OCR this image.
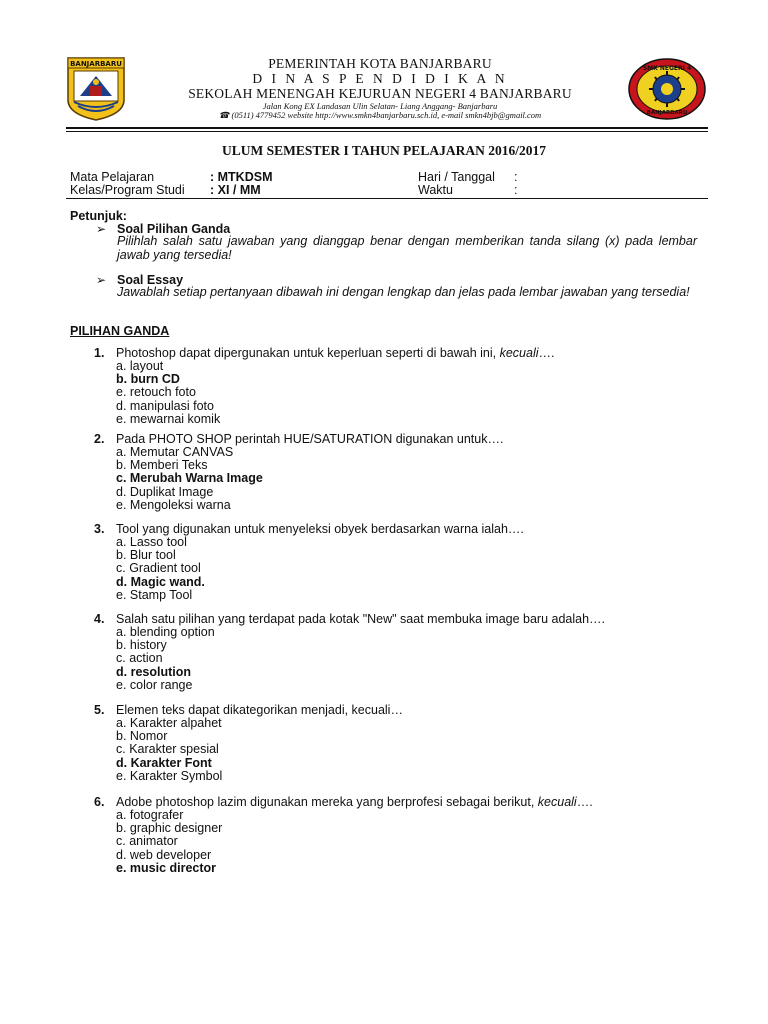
BANJARBARU
SMK NEGERI 4
BANJARBARU
PEMERINTAH KOTA BANJARBARU
D I N A S P E N D I D I K A N
SEKOLAH MENENGAH KEJURUAN NEGERI 4 BANJARBARU
Jalan Kong EX Landasan Ulin Selatan- Liang Anggang- Banjarbaru
☎ (0511) 4779452 website http://www.smkn4banjarbaru.sch.id, e-mail smkn4bjb@gmail.com
ULUM SEMESTER I TAHUN PELAJARAN 2016/2017
Mata Pelajaran	: MTKDSM
Kelas/Program Studi : XI / MM
Hari / Tanggal :
Waktu	:
Petunjuk:
➢ Soal Pilihan Ganda
Pilihlah salah satu jawaban yang dianggap benar dengan memberikan tanda silang (x) pada lembar jawab yang tersedia!
➢ Soal Essay
Jawablah setiap pertanyaan dibawah ini dengan lengkap dan jelas pada lembar jawaban yang tersedia!
PILIHAN GANDA
1. Photoshop dapat dipergunakan untuk keperluan seperti di bawah ini, kecuali….
a. layout
b. burn CD
e. retouch foto
d. manipulasi foto
e. mewarnai komik
2. Pada PHOTO SHOP perintah HUE/SATURATION digunakan untuk….
a. Memutar CANVAS
b. Memberi Teks
c. Merubah Warna Image
d. Duplikat Image
e. Mengoleksi warna
3. Tool yang digunakan untuk menyeleksi obyek berdasarkan warna ialah….
a. Lasso tool
b. Blur tool
c. Gradient tool
d. Magic wand.
e. Stamp Tool
4. Salah satu pilihan yang terdapat pada kotak "New" saat membuka image baru adalah….
a. blending option
b. history
c. action
d. resolution
e. color range
5. Elemen teks dapat dikategorikan menjadi, kecuali…
a. Karakter alpahet
b. Nomor
c. Karakter spesial
d. Karakter Font
e. Karakter Symbol
6. Adobe photoshop lazim digunakan mereka yang berprofesi sebagai berikut, kecuali….
a. fotografer
b. graphic designer
c. animator
d. web developer
e. music director
